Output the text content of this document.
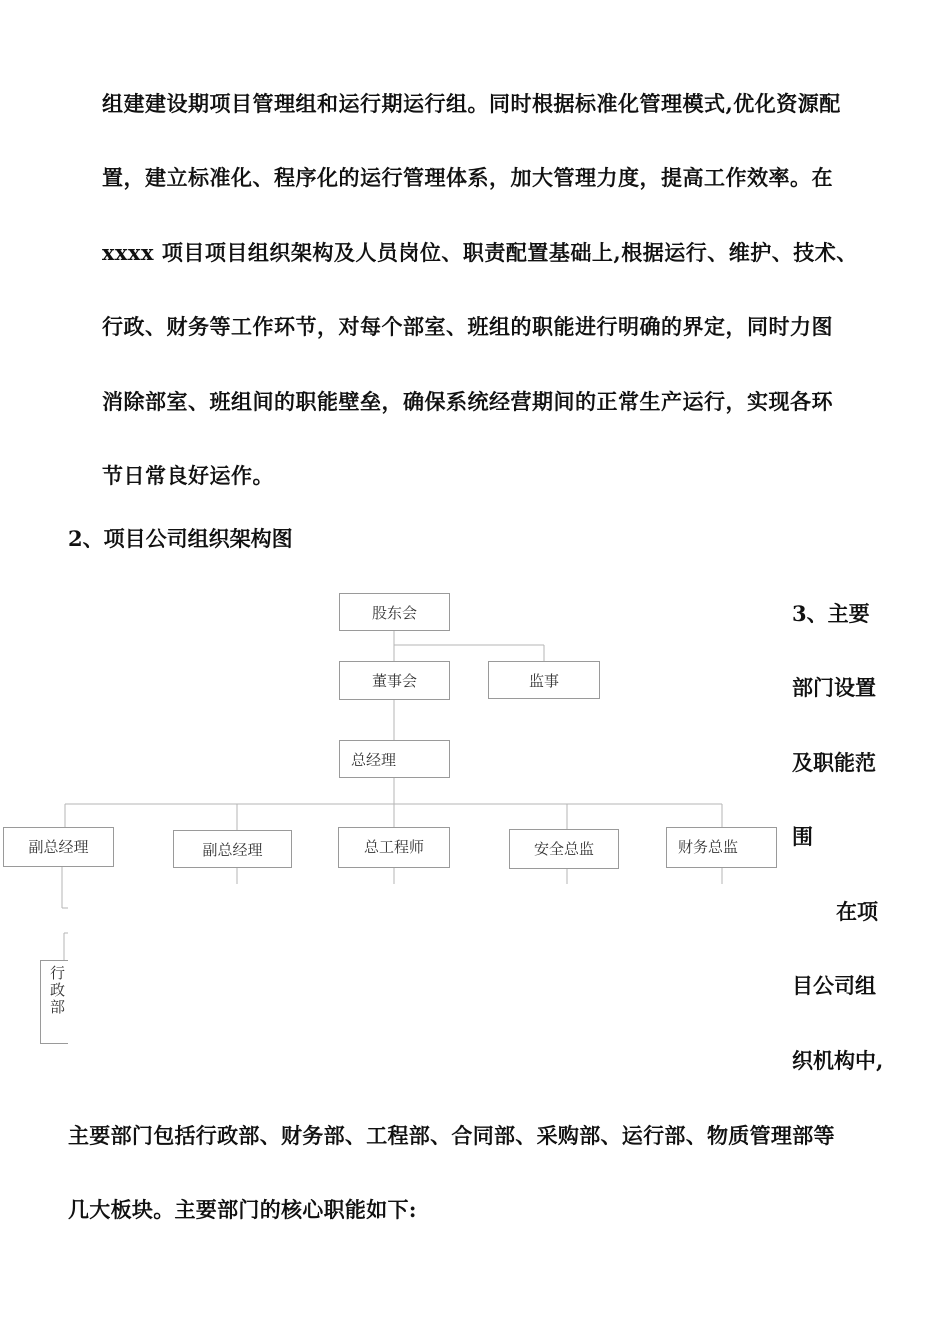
组建建设期项目管理组和运行期运行组。同时根据标准化管理模式,优化资源配
置，建立标准化、程序化的运行管理体系，加大管理力度，提高工作效率。在
xxxx 项目项目组织架构及人员岗位、职责配置基础上,根据运行、维护、技术、
行政、财务等工作环节，对每个部室、班组的职能进行明确的界定，同时力图
消除部室、班组间的职能壁垒，确保系统经营期间的正常生产运行，实现各环
节日常良好运作。
2、项目公司组织架构图
股东会
董事会	监事
总经理
副总经理	副总经理	总工程师	安全总监	财务总监
行政部
3、主要
部门设置
及职能范
围
在项
目公司组
织机构中,
主要部门包括行政部、财务部、工程部、合同部、采购部、运行部、物质管理部等
几大板块。主要部门的核心职能如下:
